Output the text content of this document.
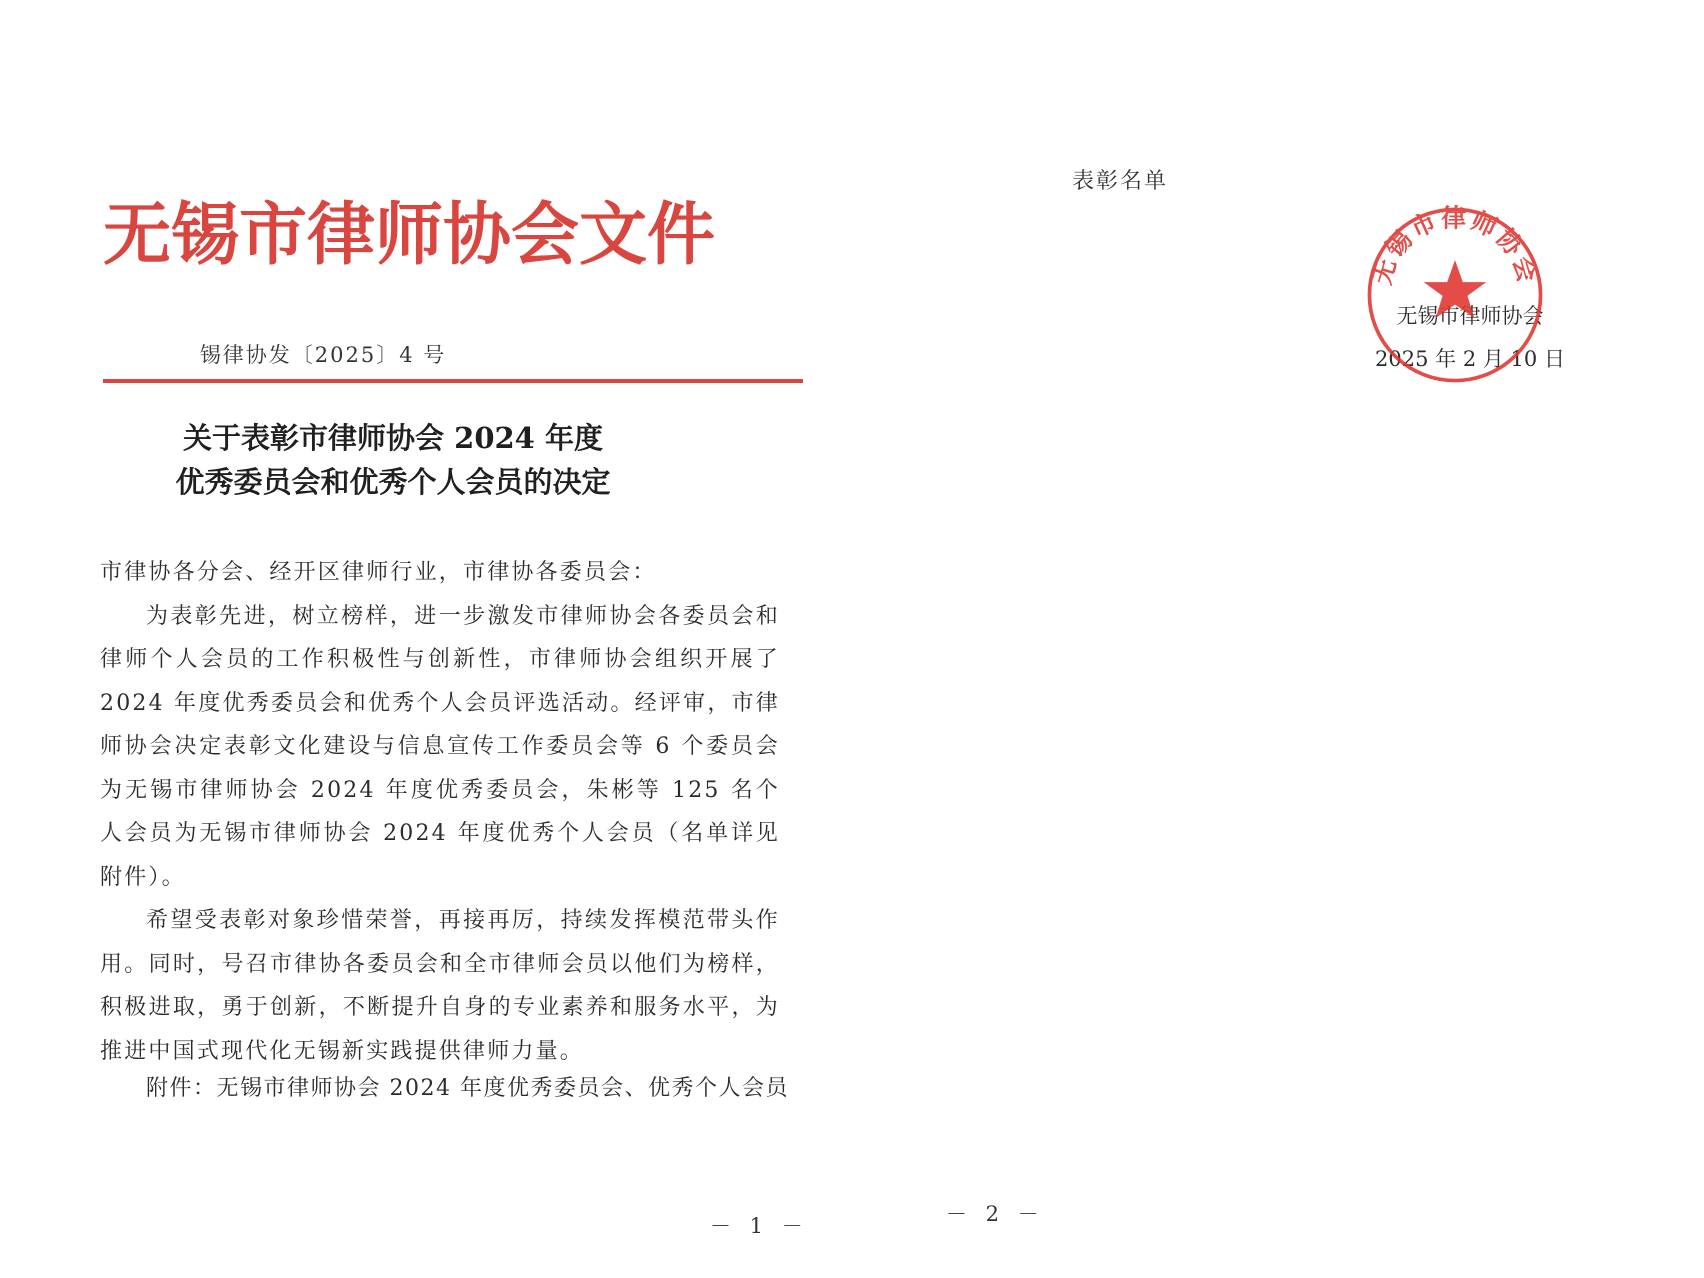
无锡市律师协会文件
锡律协发〔2025〕4 号
关于表彰市律师协会 2024 年度
优秀委员会和优秀个人会员的决定

市律协各分会、经开区律师行业，市律协各委员会：

为表彰先进，树立榜样，进一步激发市律师协会各委员会和律师个人会员的工作积极性与创新性，市律师协会组织开展了 2024 年度优秀委员会和优秀个人会员评选活动。经评审，市律师协会决定表彰文化建设与信息宣传工作委员会等 6 个委员会为无锡市律师协会 2024 年度优秀委员会，朱彬等 125 名个人会员为无锡市律师协会 2024 年度优秀个人会员（名单详见附件）。

希望受表彰对象珍惜荣誉，再接再厉，持续发挥模范带头作用。同时，号召市律协各委员会和全市律师会员以他们为榜样，积极进取，勇于创新，不断提升自身的专业素养和服务水平，为推进中国式现代化无锡新实践提供律师力量。

附件：无锡市律师协会 2024 年度优秀委员会、优秀个人会员
－ 1 －
表彰名单
无锡市律师协会
2025 年 2 月 10 日
无锡市律师协会
－ 2 －
